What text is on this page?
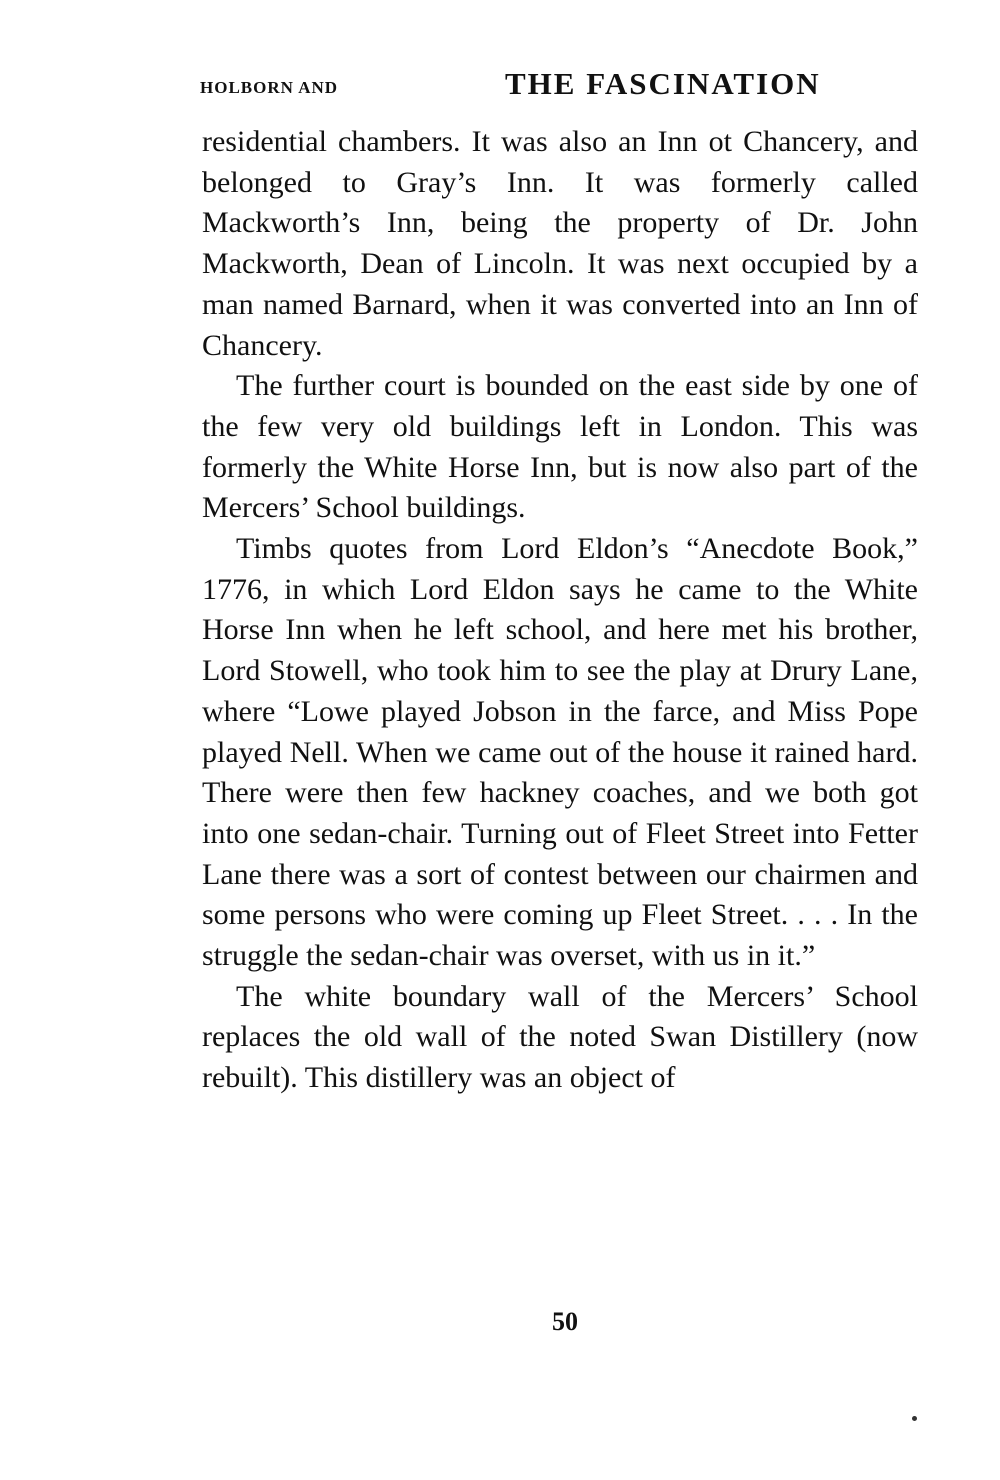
HOLBORN AND	THE FASCINATION

residential chambers. It was also an Inn ot Chancery, and belonged to Gray’s Inn. It was formerly called Mackworth’s Inn, being the property of Dr. John Mackworth, Dean of Lincoln. It was next occupied by a man named Barnard, when it was converted into an Inn of Chancery.

The further court is bounded on the east side by one of the few very old buildings left in London. This was formerly the White Horse Inn, but is now also part of the Mercers’ School buildings.

Timbs quotes from Lord Eldon’s “Anecdote Book,” 1776, in which Lord Eldon says he came to the White Horse Inn when he left school, and here met his brother, Lord Stowell, who took him to see the play at Drury Lane, where “Lowe played Jobson in the farce, and Miss Pope played Nell. When we came out of the house it rained hard. There were then few hackney coaches, and we both got into one sedan-chair. Turning out of Fleet Street into Fetter Lane there was a sort of contest between our chairmen and some persons who were coming up Fleet Street. . . . In the struggle the sedan-chair was overset, with us in it.”

The white boundary wall of the Mercers’ School replaces the old wall of the noted Swan Distillery (now rebuilt). This distillery was an object of

50
